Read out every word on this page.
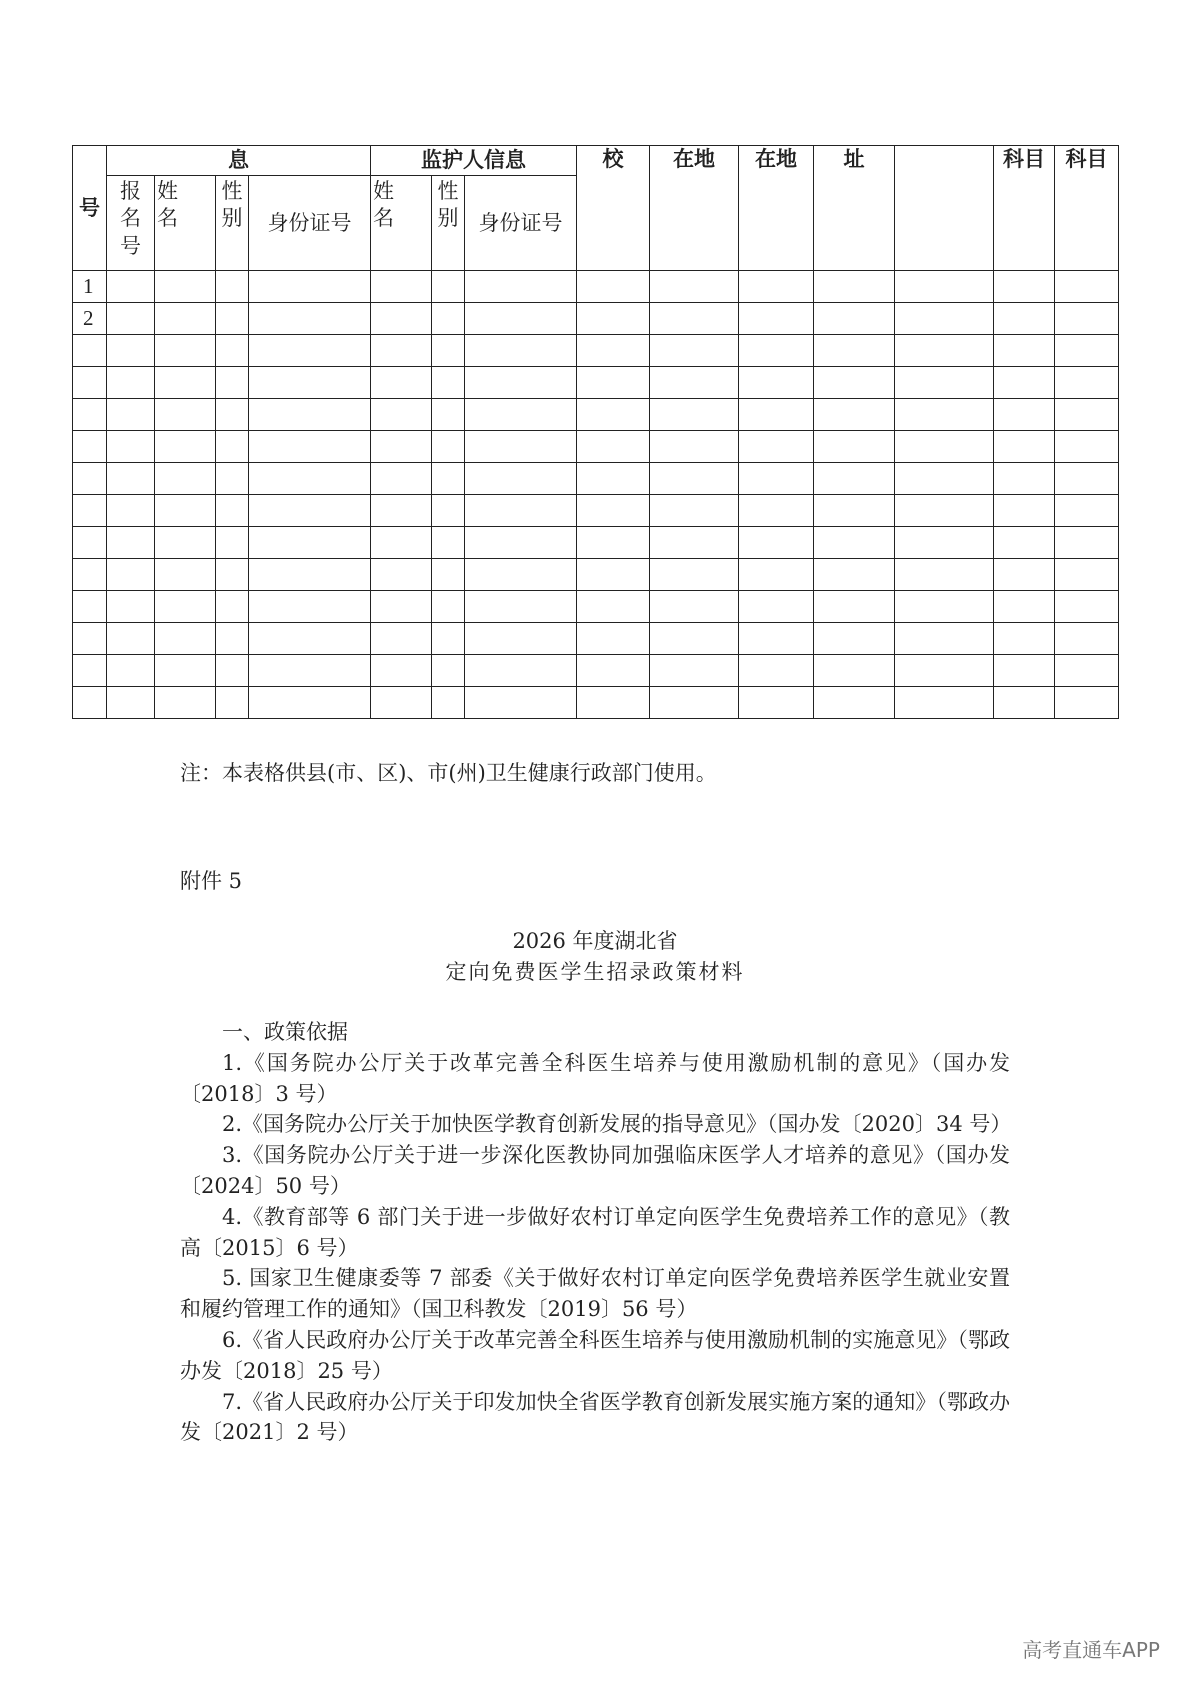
号	息				监护人信息			校	在地	在地	址		科目	科目
	报名号	姓　名	性别	身份证号	姓　名	性别	身份证号							
1														
2														

注：本表格供县(市、区)、市(州)卫生健康行政部门使用。
附件 5
2026 年度湖北省
定向免费医学生招录政策材料

一、政策依据

1.《国务院办公厅关于改革完善全科医生培养与使用激励机制的意见》（国办发〔2018〕3 号）

2.《国务院办公厅关于加快医学教育创新发展的指导意见》（国办发〔2020〕34 号）

3.《国务院办公厅关于进一步深化医教协同加强临床医学人才培养的意见》（国办发〔2024〕50 号）

4.《教育部等 6 部门关于进一步做好农村订单定向医学生免费培养工作的意见》（教高〔2015〕6 号）

5. 国家卫生健康委等 7 部委《关于做好农村订单定向医学免费培养医学生就业安置和履约管理工作的通知》（国卫科教发〔2019〕56 号）

6.《省人民政府办公厅关于改革完善全科医生培养与使用激励机制的实施意见》（鄂政办发〔2018〕25 号）

7.《省人民政府办公厅关于印发加快全省医学教育创新发展实施方案的通知》（鄂政办发〔2021〕2 号）

高考直通车APP
